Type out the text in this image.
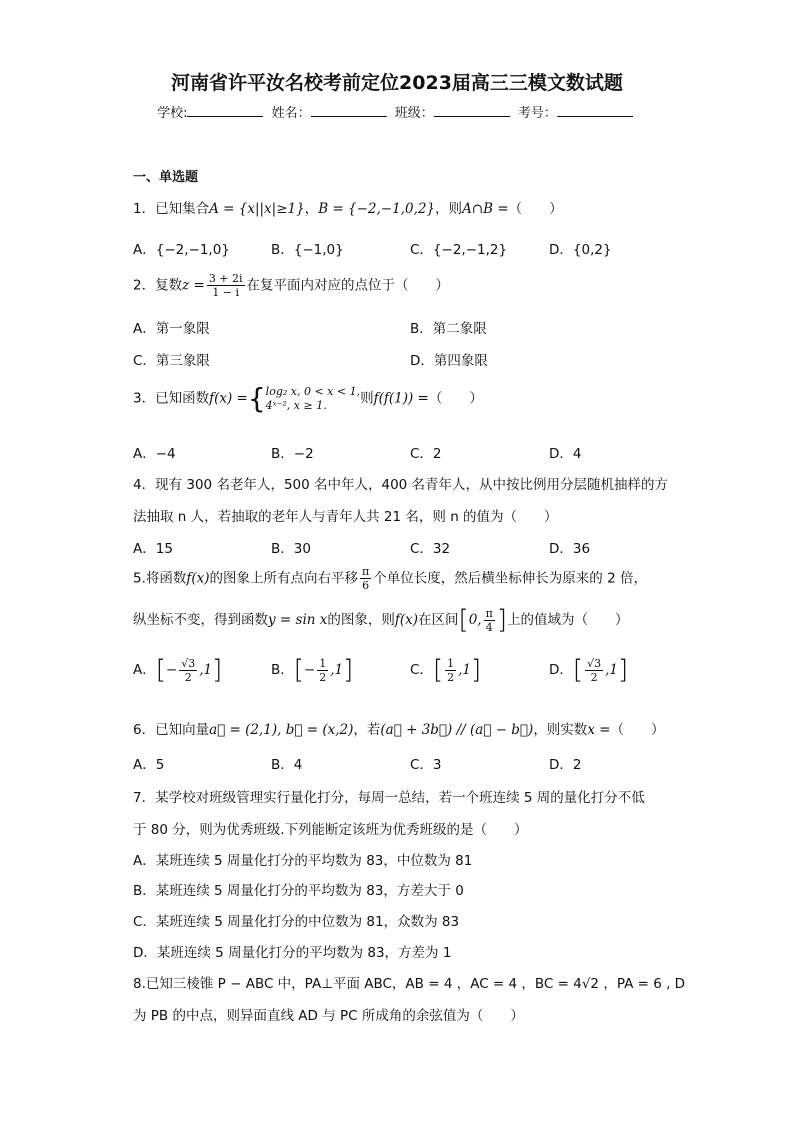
河南省许平汝名校考前定位2023届高三三模文数试题
学校:	姓名：	班级：	考号：
一、单选题
1．已知集合A = {x||x|≥1}，B = {−2,−1,0,2}，则A∩B =（　　）
A．{−2,−1,0}	B．{−1,0}	C．{−2,−1,2}	D．{0,2}
2．复数$z = \frac{3 + 2i}{1 - i}$ 在复平面内对应的点位于（　　）
A．第一象限	B．第二象限
C．第三象限	D．第四象限
3．已知函数f(x) ={ log₂ x, 0 < x < 1,
4ˣ⁻², x ≥ 1.	则f(f(1)) =（　　）
A．−4	B．−2	C．2	D．4
4．现有 300 名老年人，500 名中年人，400 名青年人，从中按比例用分层随机抽样的方
法抽取 n 人，若抽取的老年人与青年人共 21 名，则 n 的值为（　　）
A．15	B．30	C．32	D．36
5.将函数f(x)的图象上所有点向右平移 $\frac{\pi}{6}$ 个单位长度，然后横坐标伸长为原来的 2 倍，
纵坐标不变，得到函数y = sin x的图象，则f(x)在区间[0, $\frac{\pi}{4}$ ]上的值域为（　　）
A．[− $\frac{√3}{2} ,1$]	B．[− $\frac{1}{2} ,1$]	C．[ $\frac{1}{2} ,1$]	D．[ $\frac{√3}{2} ,1$]
6．已知向量a⃗ = (2,1), b⃗ = (x,2)，若(a⃗ + 3b⃗) // (a⃗ − b⃗)，则实数x =（　　）
A．5	B．4	C．3	D．2
7．某学校对班级管理实行量化打分，每周一总结，若一个班连续 5 周的量化打分不低
于 80 分，则为优秀班级.下列能断定该班为优秀班级的是（　　）
A．某班连续 5 周量化打分的平均数为 83，中位数为 81
B．某班连续 5 周量化打分的平均数为 83，方差大于 0
C．某班连续 5 周量化打分的中位数为 81，众数为 83
D．某班连续 5 周量化打分的平均数为 83，方差为 1
8.已知三棱锥 P − ABC 中，PA⊥平面 ABC，AB = 4 ，AC = 4 ，BC = 4√2 ，PA = 6 , D
为 PB 的中点，则异面直线 AD 与 PC 所成角的余弦值为（　　）
